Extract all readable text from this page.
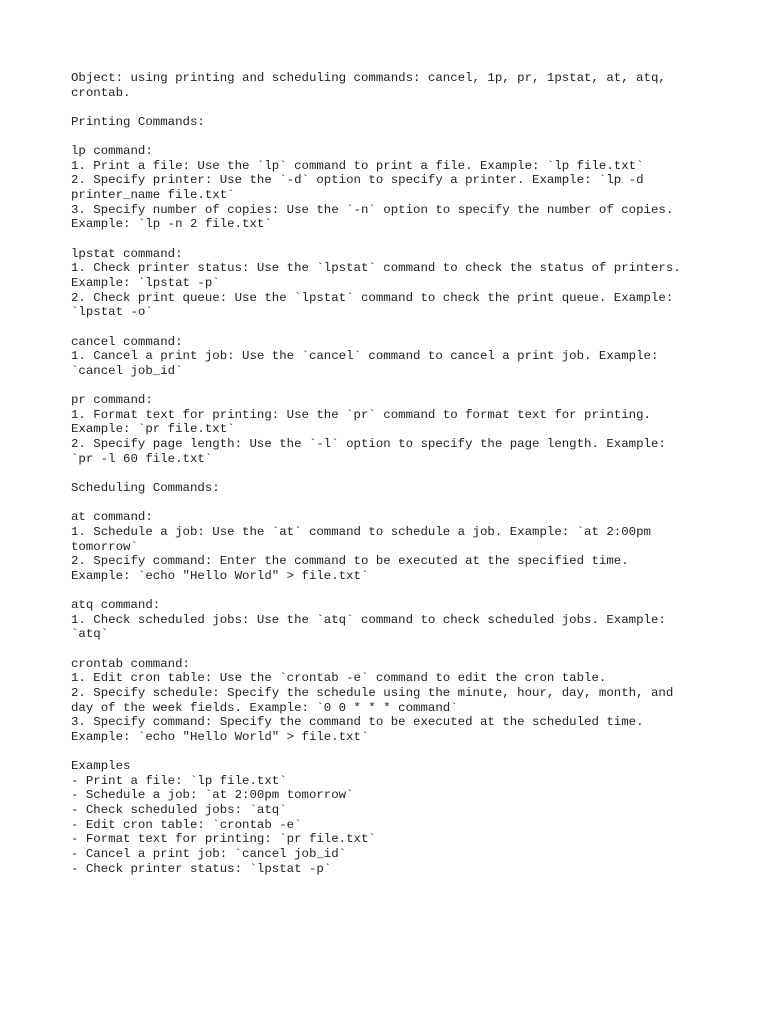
Object: using printing and scheduling commands: cancel, 1p, pr, 1pstat, at, atq,
crontab.
Printing Commands:
lp command:
1. Print a file: Use the `lp` command to print a file. Example: `lp file.txt`
2. Specify printer: Use the `-d` option to specify a printer. Example: `lp -d
printer_name file.txt`
3. Specify number of copies: Use the `-n` option to specify the number of copies.
Example: `lp -n 2 file.txt`
lpstat command:
1. Check printer status: Use the `lpstat` command to check the status of printers.
Example: `lpstat -p`
2. Check print queue: Use the `lpstat` command to check the print queue. Example:
`lpstat -o`
cancel command:
1. Cancel a print job: Use the `cancel` command to cancel a print job. Example:
`cancel job_id`
pr command:
1. Format text for printing: Use the `pr` command to format text for printing.
Example: `pr file.txt`
2. Specify page length: Use the `-l` option to specify the page length. Example:
`pr -l 60 file.txt`
Scheduling Commands:
at command:
1. Schedule a job: Use the `at` command to schedule a job. Example: `at 2:00pm
tomorrow`
2. Specify command: Enter the command to be executed at the specified time.
Example: `echo "Hello World" > file.txt`
atq command:
1. Check scheduled jobs: Use the `atq` command to check scheduled jobs. Example:
`atq`
crontab command:
1. Edit cron table: Use the `crontab -e` command to edit the cron table.
2. Specify schedule: Specify the schedule using the minute, hour, day, month, and
day of the week fields. Example: `0 0 * * * command`
3. Specify command: Specify the command to be executed at the scheduled time.
Example: `echo "Hello World" > file.txt`
Examples
- Print a file: `lp file.txt`
- Schedule a job: `at 2:00pm tomorrow`
- Check scheduled jobs: `atq`
- Edit cron table: `crontab -e`
- Format text for printing: `pr file.txt`
- Cancel a print job: `cancel job_id`
- Check printer status: `lpstat -p`
